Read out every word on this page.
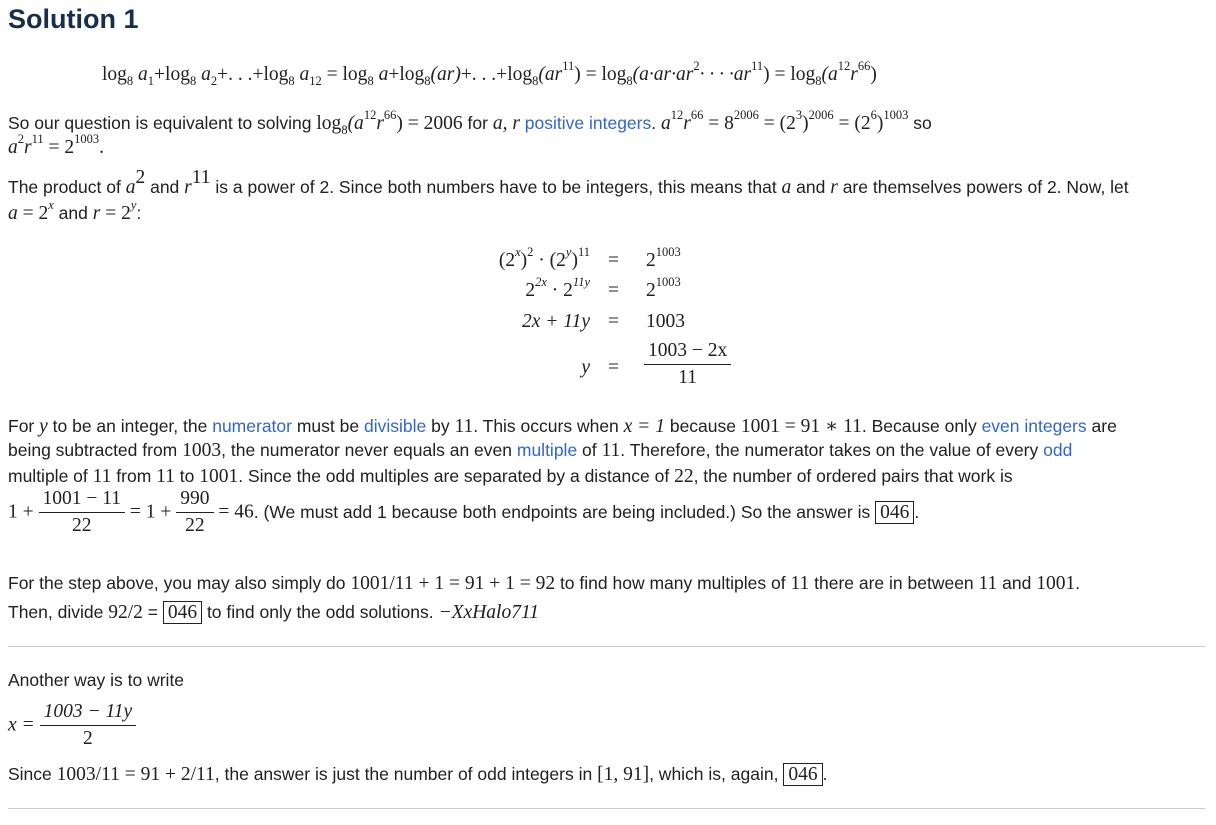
Solution 1
$\log_8 a_1+\log_8$ $a_2+$. . $.+\log_8$ $a_{12} = \log_8 a+\log_8(ar)+$. . $.+\log_8(ar^{11}) = \log_8(a\cdot ar\cdot ar^2\cdot$ · · $\cdot ar^{11}) = \log_8(a^{12}r^{66})$
So our question is equivalent to solving $\log_8(a^{12}r^{66}) = 2006$ for a, r positive integers. $a^{12}r^{66} = 8^{2006} = (2^3)^{2006} = (2^6)^{1003}$ so
$a^2r^{11} = 2^{1003}$.
The product of $a^2$ and $r^{11}$ is a power of 2. Since both numbers have to be integers, this means that a and r are themselves powers of 2. Now, let
$a = 2^x$ and $r = 2^y$:
$(2^x)^2 \cdot (2^y)^{11} = 2^{1003}$
$2^{2x} \cdot 2^{11y} = 2^{1003}$
2x + 11y = 1003
$y = \frac{1003 - 2x}{11}$
For y to be an integer, the numerator must be divisible by 11. This occurs when x = 1 because 1001 = 91 ∗ 11. Because only even integers are
being subtracted from 1003, the numerator never equals an even multiple of 11. Therefore, the numerator takes on the value of every odd
multiple of 11 from 11 to 1001. Since the odd multiples are separated by a distance of 22, the number of ordered pairs that work is
$1 + \frac{1001 - 11}{22} = 1 + \frac{990}{22} = 46$. (We must add 1 because both endpoints are being included.) So the answer is 046 .
For the step above, you may also simply do 1001/11 + 1 = 91 + 1 = 92 to find how many multiples of 11 there are in between 11 and 1001.
Then, divide 92/2 = 046 to find only the odd solutions. −XxHalo711
Another way is to write
$x = \frac{1003 - 11y}{2}$
Since 1003/11 = 91 + 2/11, the answer is just the number of odd integers in [1, 91], which is, again, 046 .
